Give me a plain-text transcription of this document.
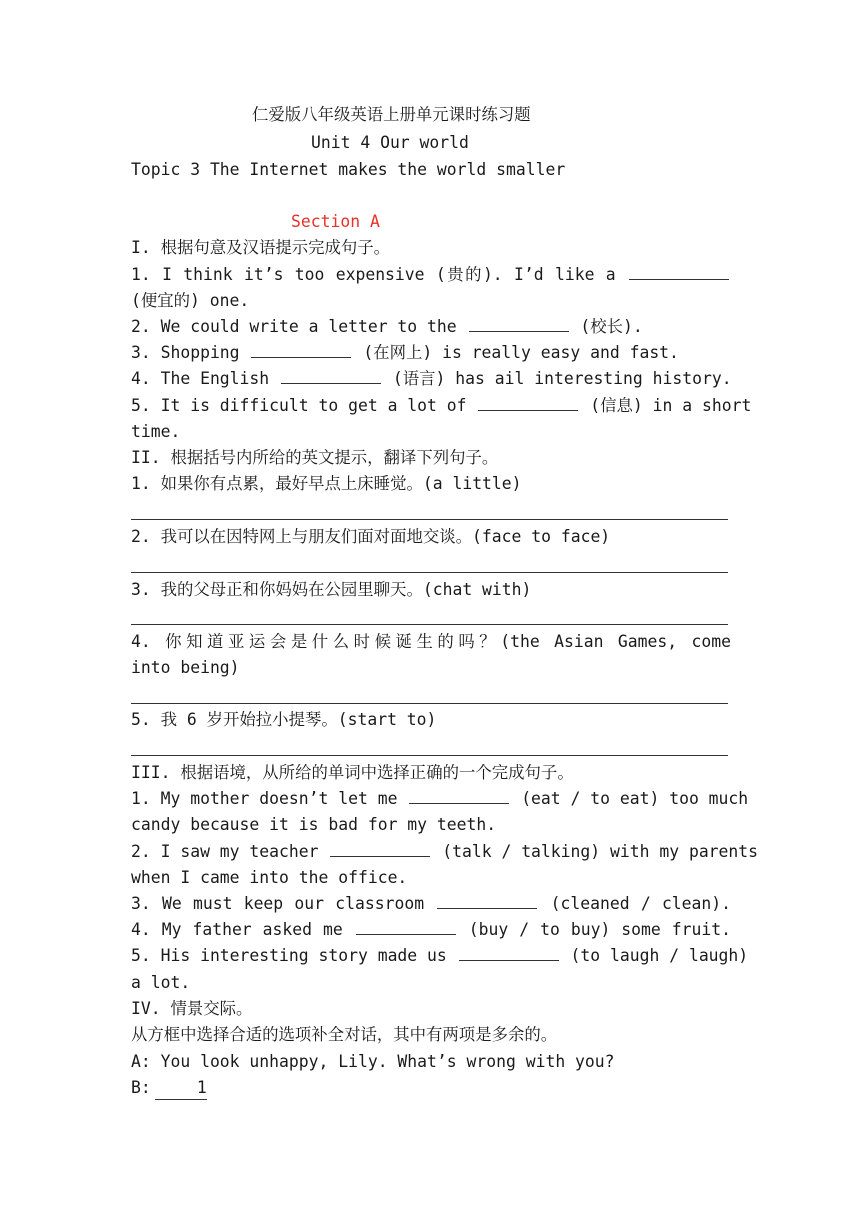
仁爱版八年级英语上册单元课时练习题
Unit 4 Our world
Topic 3 The Internet makes the world smaller
Section A
I. 根据句意及汉语提示完成句子。
1. I think it’s too expensive (贵的). I’d like a
(便宜的) one.
2. We could write a letter to the	(校长).
3. Shopping	(在网上) is really easy and fast.
4. The English	(语言) has ail interesting history.
5. It is difficult to get a lot of	(信息) in a short
time.
II. 根据括号内所给的英文提示，翻译下列句子。
1. 如果你有点累，最好早点上床睡觉。(a little)
2. 我可以在因特网上与朋友们面对面地交谈。(face to face)
3. 我的父母正和你妈妈在公园里聊天。(chat with)
4. 你知道亚运会是什么时候诞生的吗？(the Asian Games, come
into being)
5. 我 6 岁开始拉小提琴。(start to)
III. 根据语境，从所给的单词中选择正确的一个完成句子。
1. My mother doesn’t let me	(eat / to eat) too much
candy because it is bad for my teeth.
2. I saw my teacher	(talk / talking) with my parents
when I came into the office.
3. We must keep our classroom	(cleaned / clean).
4. My father asked me	(buy / to buy) some fruit.
5. His interesting story made us	(to laugh / laugh)
a lot.
IV. 情景交际。
从方框中选择合适的选项补全对话，其中有两项是多余的。
A: You look unhappy, Lily. What’s wrong with you?
B:	1
